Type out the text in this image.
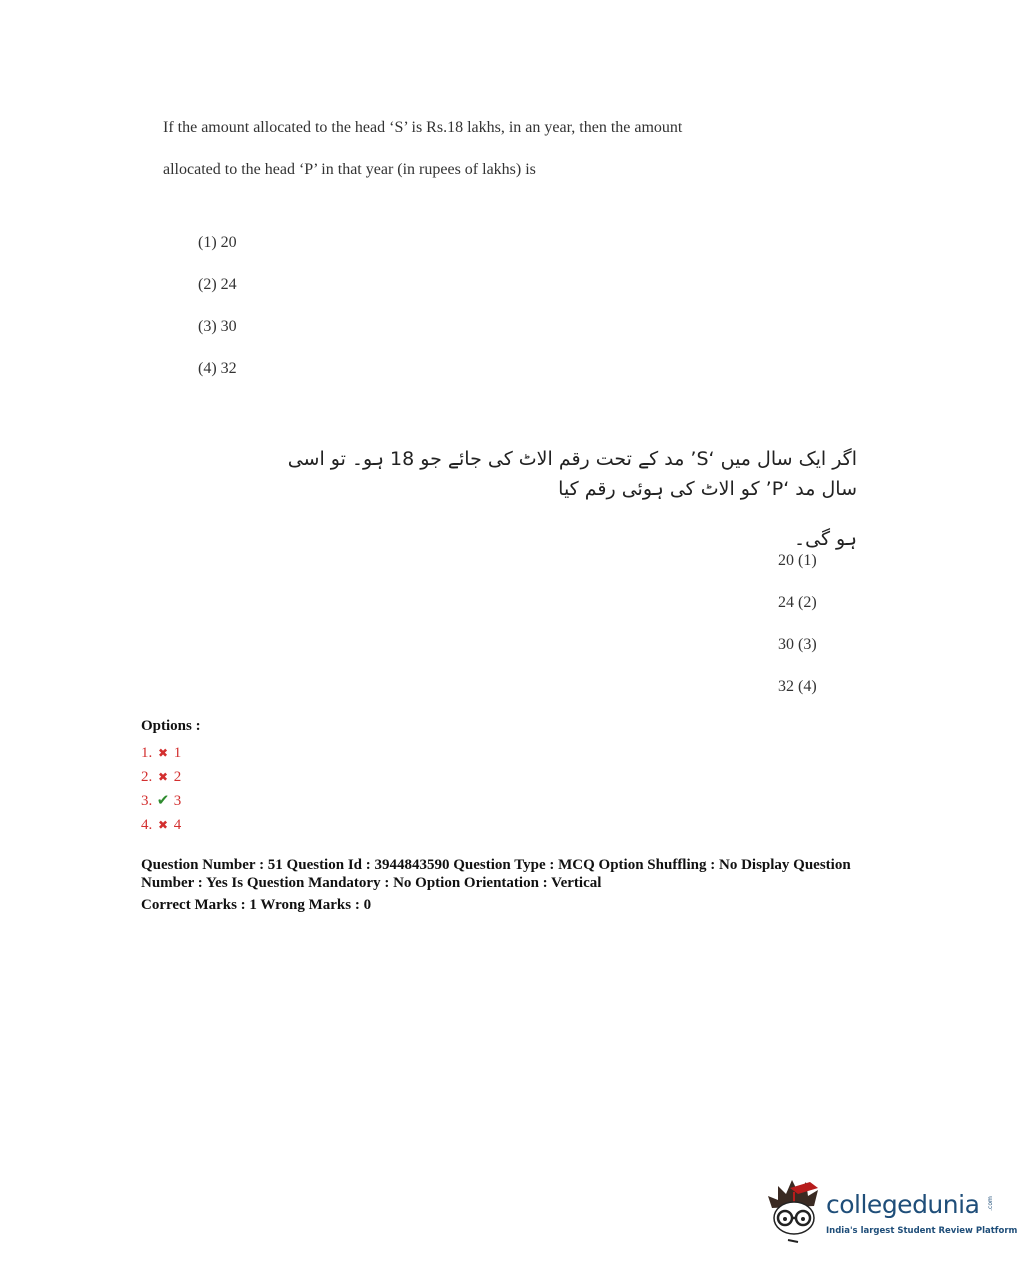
If the amount allocated to the head ‘S’ is Rs.18 lakhs, in an year, then the amount

allocated to the head ‘P’ in that year (in rupees of lakhs) is

(1) 20
(2) 24
(3) 30
(4) 32

اگر ایک سال میں ‘S’ مد کے تحت رقم الاٹ کی جائے جو 18 ہو۔ تو اسی سال مد ‘P’ کو الاٹ کی ہوئی رقم کیا

ہو گی۔

20 (1)
24 (2)
30 (3)
32 (4)
Options :
1. ✖ 1
2. ✖ 2
3. ✔ 3
4. ✖ 4

Question Number : 51 Question Id : 3944843590 Question Type : MCQ Option Shuffling : No Display Question

Number : Yes Is Question Mandatory : No Option Orientation : Vertical

Correct Marks : 1 Wrong Marks : 0

collegedunia .com
India's largest Student Review Platform
